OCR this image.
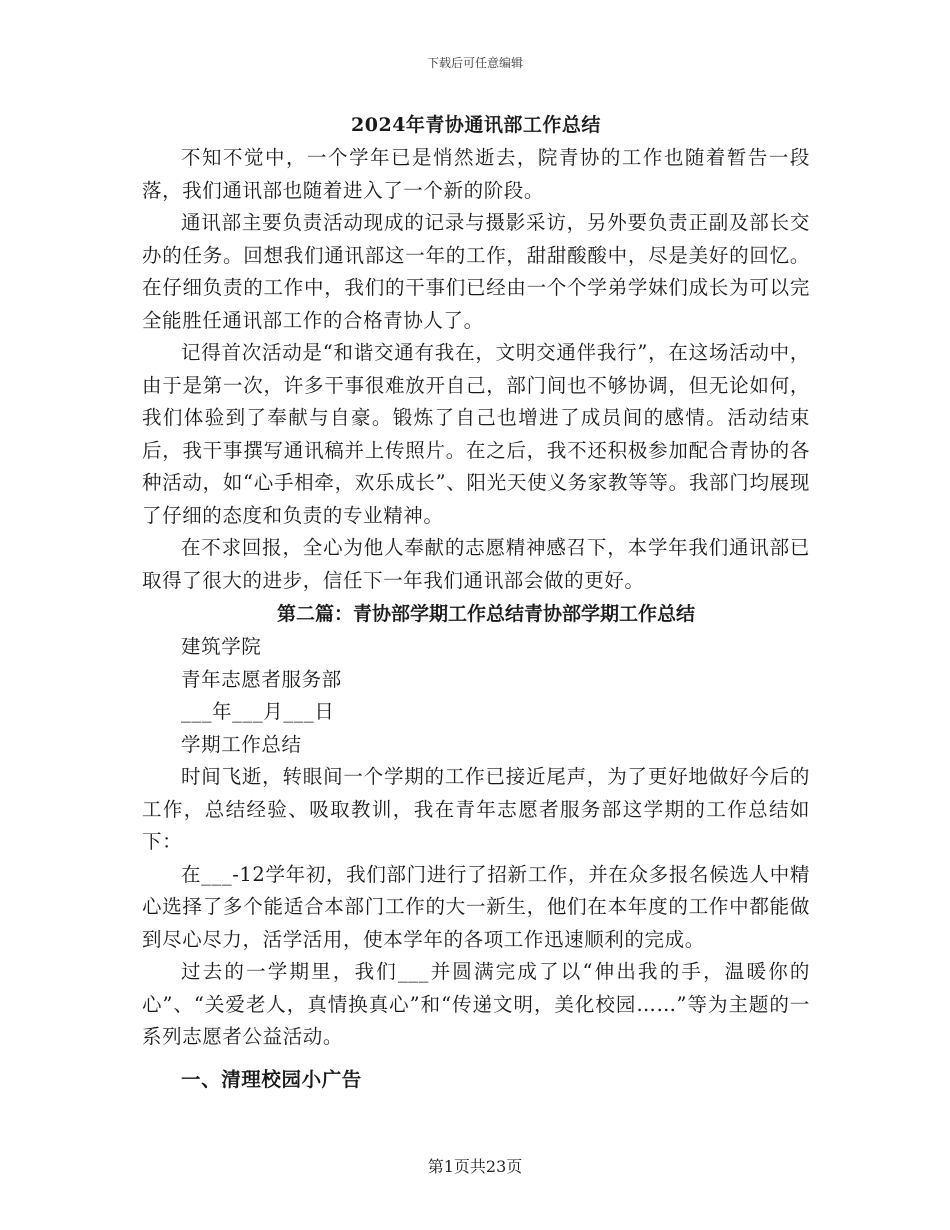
下载后可任意编辑
2024年青协通讯部工作总结

不知不觉中，一个学年已是悄然逝去，院青协的工作也随着暂告一段落，我们通讯部也随着进入了一个新的阶段。

通讯部主要负责活动现成的记录与摄影采访，另外要负责正副及部长交办的任务。回想我们通讯部这一年的工作，甜甜酸酸中，尽是美好的回忆。在仔细负责的工作中，我们的干事们已经由一个个学弟学妹们成长为可以完全能胜任通讯部工作的合格青协人了。

记得首次活动是“和谐交通有我在，文明交通伴我行”，在这场活动中，由于是第一次，许多干事很难放开自己，部门间也不够协调，但无论如何，我们体验到了奉献与自豪。锻炼了自己也增进了成员间的感情。活动结束后，我干事撰写通讯稿并上传照片。在之后，我不还积极参加配合青协的各种活动，如“心手相牵，欢乐成长”、阳光天使义务家教等等。我部门均展现了仔细的态度和负责的专业精神。

在不求回报，全心为他人奉献的志愿精神感召下，本学年我们通讯部已取得了很大的进步，信任下一年我们通讯部会做的更好。

第二篇：青协部学期工作总结青协部学期工作总结

建筑学院

青年志愿者服务部

___年___月___日

学期工作总结

时间飞逝，转眼间一个学期的工作已接近尾声，为了更好地做好今后的工作，总结经验、吸取教训，我在青年志愿者服务部这学期的工作总结如下：

在___-12学年初，我们部门进行了招新工作，并在众多报名候选人中精心选择了多个能适合本部门工作的大一新生，他们在本年度的工作中都能做到尽心尽力，活学活用，使本学年的各项工作迅速顺利的完成。

过去的一学期里，我们___并圆满完成了以“伸出我的手，温暖你的心”、“关爱老人，真情换真心”和“传递文明，美化校园……”等为主题的一系列志愿者公益活动。

一、清理校园小广告
第1页共23页
